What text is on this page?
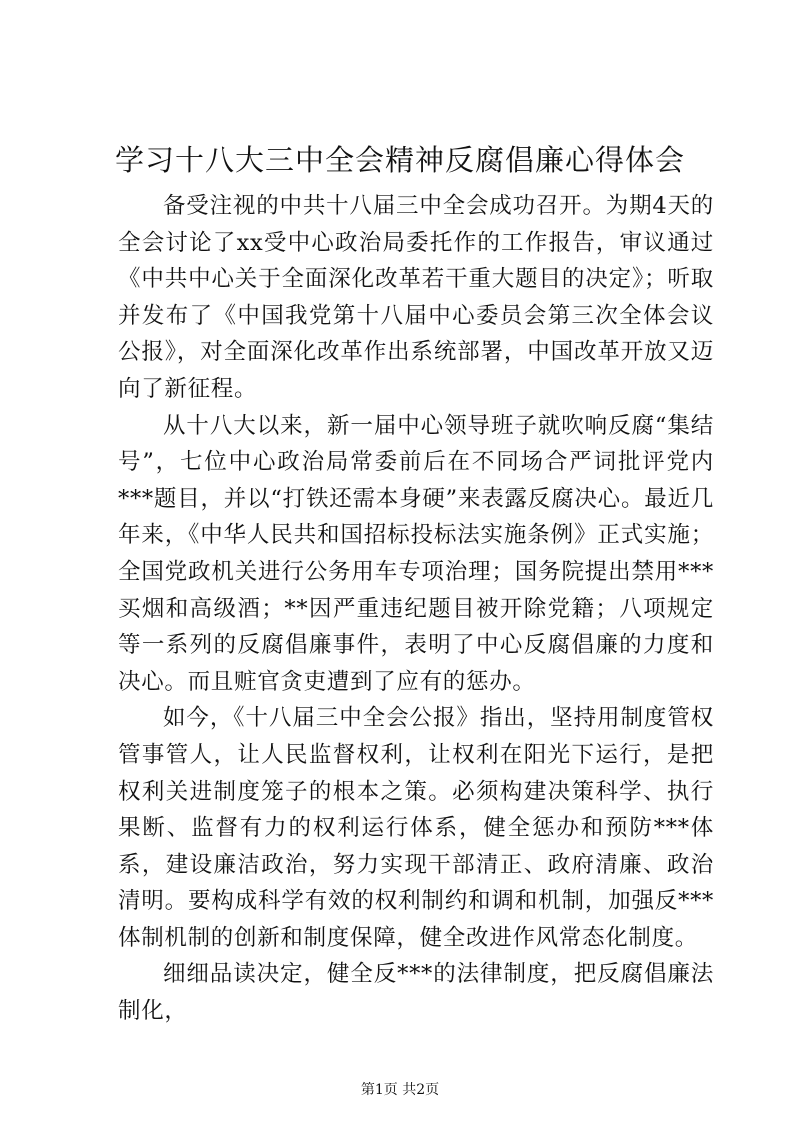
学习十八大三中全会精神反腐倡廉心得体会

备受注视的中共十八届三中全会成功召开。为期4天的全会讨论了xx受中心政治局委托作的工作报告，审议通过《中共中心关于全面深化改革若干重大题目的决定》；听取并发布了《中国我党第十八届中心委员会第三次全体会议公报》，对全面深化改革作出系统部署，中国改革开放又迈向了新征程。

从十八大以来，新一届中心领导班子就吹响反腐“集结号”，七位中心政治局常委前后在不同场合严词批评党内***题目，并以“打铁还需本身硬”来表露反腐决心。最近几年来，《中华人民共和国招标投标法实施条例》正式实施；全国党政机关进行公务用车专项治理；国务院提出禁用***买烟和高级酒；**因严重违纪题目被开除党籍；八项规定等一系列的反腐倡廉事件，表明了中心反腐倡廉的力度和决心。而且赃官贪吏遭到了应有的惩办。

如今，《十八届三中全会公报》指出，坚持用制度管权管事管人，让人民监督权利，让权利在阳光下运行，是把权利关进制度笼子的根本之策。必须构建决策科学、执行果断、监督有力的权利运行体系，健全惩办和预防***体系，建设廉洁政治，努力实现干部清正、政府清廉、政治清明。要构成科学有效的权利制约和调和机制，加强反***体制机制的创新和制度保障，健全改进作风常态化制度。

细细品读决定，健全反***的法律制度，把反腐倡廉法制化，

第1页 共2页
